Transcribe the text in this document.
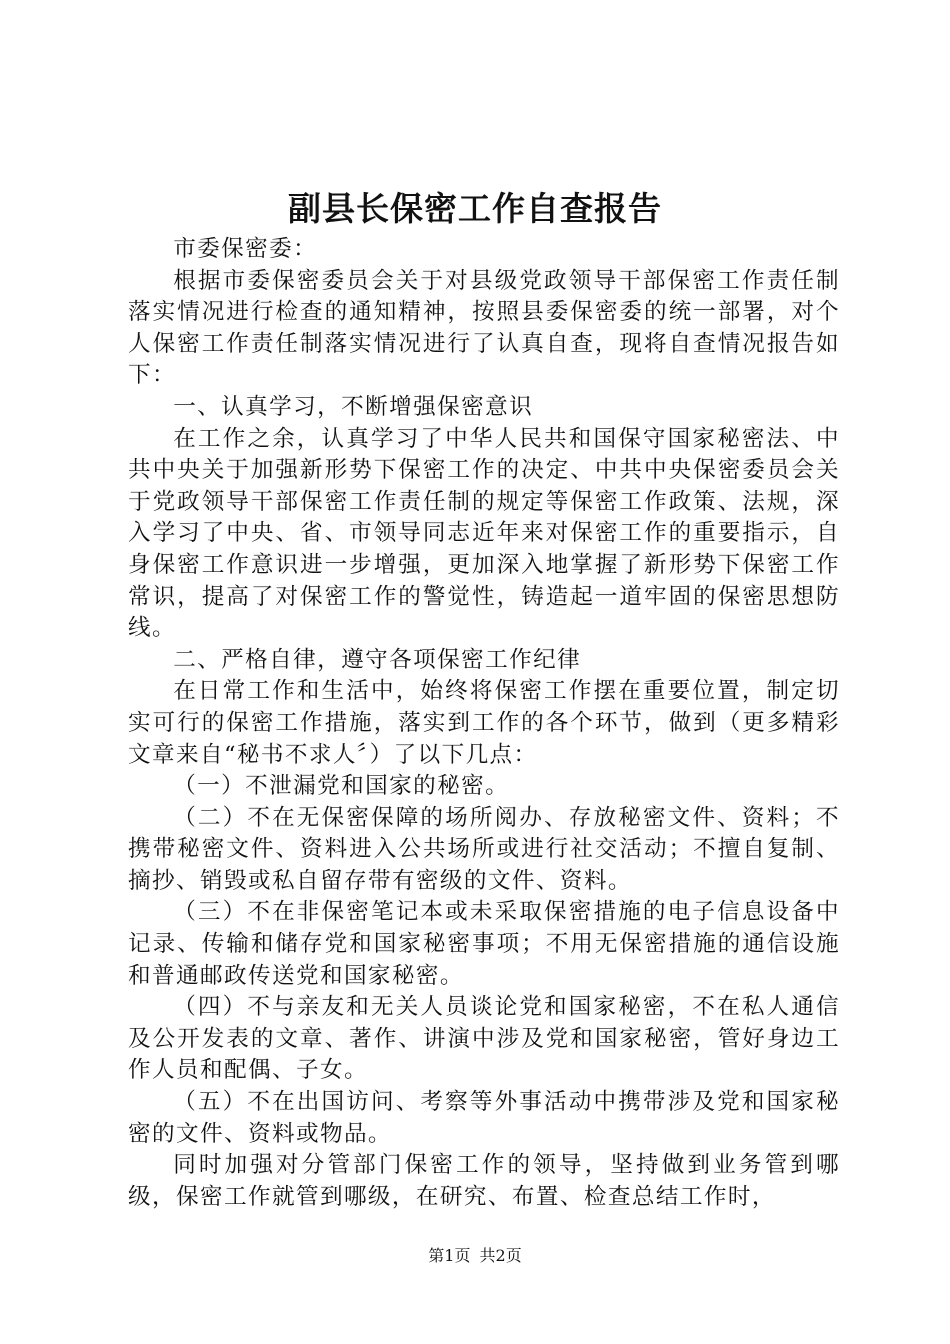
副县长保密工作自查报告

市委保密委：

根据市委保密委员会关于对县级党政领导干部保密工作责任制落实情况进行检查的通知精神，按照县委保密委的统一部署，对个人保密工作责任制落实情况进行了认真自查，现将自查情况报告如下：

一、认真学习，不断增强保密意识

在工作之余，认真学习了中华人民共和国保守国家秘密法、中共中央关于加强新形势下保密工作的决定、中共中央保密委员会关于党政领导干部保密工作责任制的规定等保密工作政策、法规，深入学习了中央、省、市领导同志近年来对保密工作的重要指示，自身保密工作意识进一步增强，更加深入地掌握了新形势下保密工作常识，提高了对保密工作的警觉性，铸造起一道牢固的保密思想防线。

二、严格自律，遵守各项保密工作纪律

在日常工作和生活中，始终将保密工作摆在重要位置，制定切实可行的保密工作措施，落实到工作的各个环节，做到（更多精彩文章来自“秘书不求人〞）了以下几点：

（一）不泄漏党和国家的秘密。

（二）不在无保密保障的场所阅办、存放秘密文件、资料；不携带秘密文件、资料进入公共场所或进行社交活动；不擅自复制、摘抄、销毁或私自留存带有密级的文件、资料。

（三）不在非保密笔记本或未采取保密措施的电子信息设备中记录、传输和储存党和国家秘密事项；不用无保密措施的通信设施和普通邮政传送党和国家秘密。

（四）不与亲友和无关人员谈论党和国家秘密，不在私人通信及公开发表的文章、著作、讲演中涉及党和国家秘密，管好身边工作人员和配偶、子女。

（五）不在出国访问、考察等外事活动中携带涉及党和国家秘密的文件、资料或物品。

同时加强对分管部门保密工作的领导，坚持做到业务管到哪级，保密工作就管到哪级，在研究、布置、检查总结工作时，

第1页 共2页
